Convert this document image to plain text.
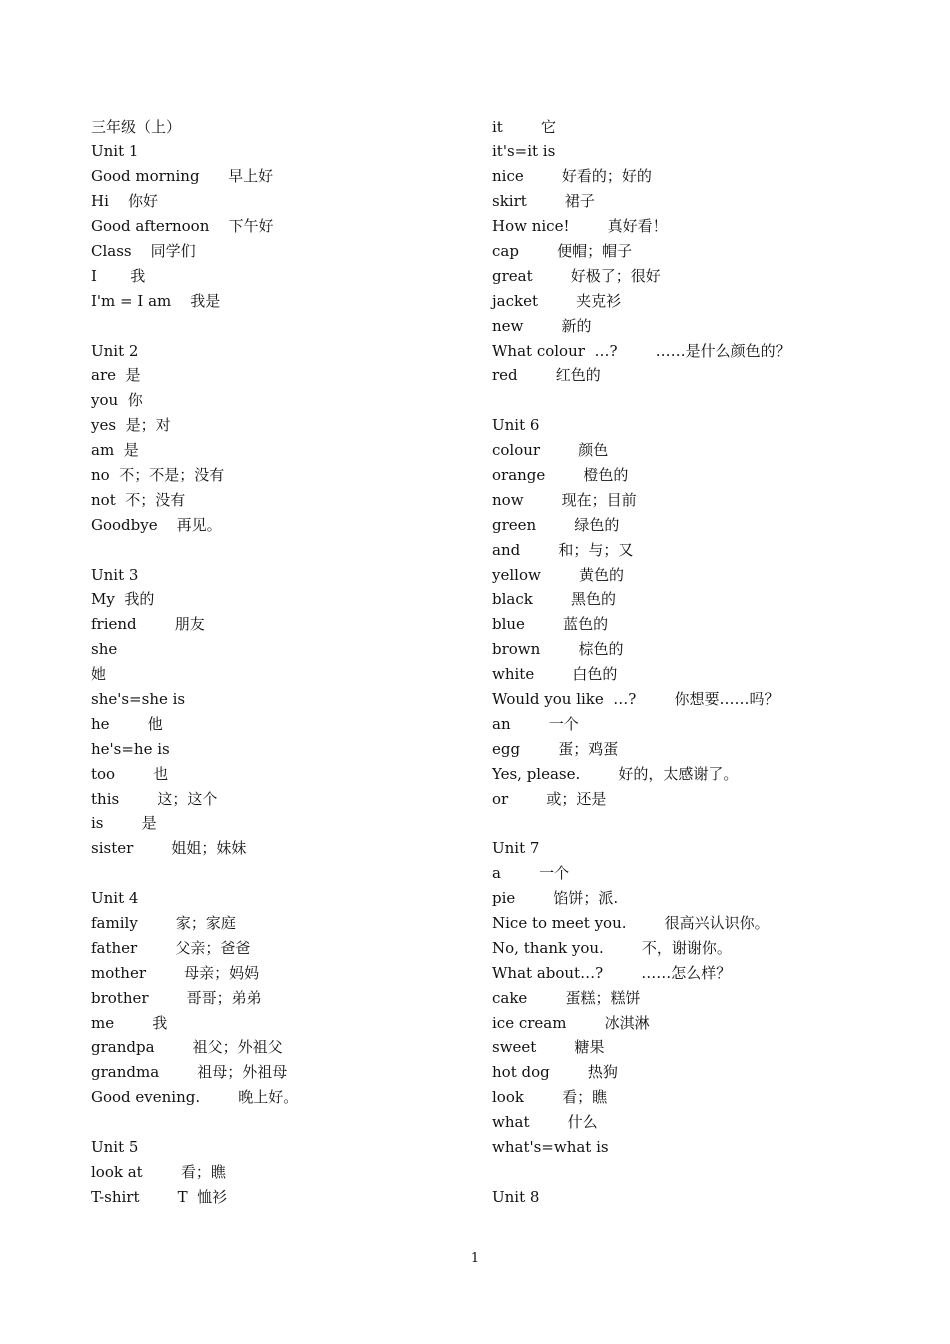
三年级（上）
Unit 1
Good morning      早上好
Hi    你好
Good afternoon    下午好
Class    同学们
I       我
I'm = I am    我是
Unit 2
are  是
you  你
yes  是；对
am  是
no  不；不是；没有
not  不；没有
Goodbye    再见。
Unit 3
My  我的
friend        朋友
she
她
she's=she is
he        他
he's=he is
too        也
this        这；这个
is        是
sister        姐姐；妹妹
Unit 4
family        家；家庭
father        父亲；爸爸
mother        母亲；妈妈
brother        哥哥；弟弟
me        我
grandpa        祖父；外祖父
grandma        祖母；外祖母
Good evening.        晚上好。
Unit 5
look at        看；瞧
T-shirt        T  恤衫
it        它
it's=it is
nice        好看的；好的
skirt        裙子
How nice!        真好看！
cap        便帽；帽子
great        好极了；很好
jacket        夹克衫
new        新的
What colour  …?        ……是什么颜色的？
red        红色的
Unit 6
colour        颜色
orange        橙色的
now        现在；目前
green        绿色的
and        和；与；又
yellow        黄色的
black        黑色的
blue        蓝色的
brown        棕色的
white        白色的
Would you like  …?        你想要……吗？
an        一个
egg        蛋；鸡蛋
Yes, please.        好的，太感谢了。
or        或；还是
Unit 7
a        一个
pie        馅饼；派.
Nice to meet you.        很高兴认识你。
No, thank you.        不，谢谢你。
What about…?        ……怎么样？
cake        蛋糕；糕饼
ice cream        冰淇淋
sweet        糖果
hot dog        热狗
look        看；瞧
what        什么
what's=what is
Unit 8
1
